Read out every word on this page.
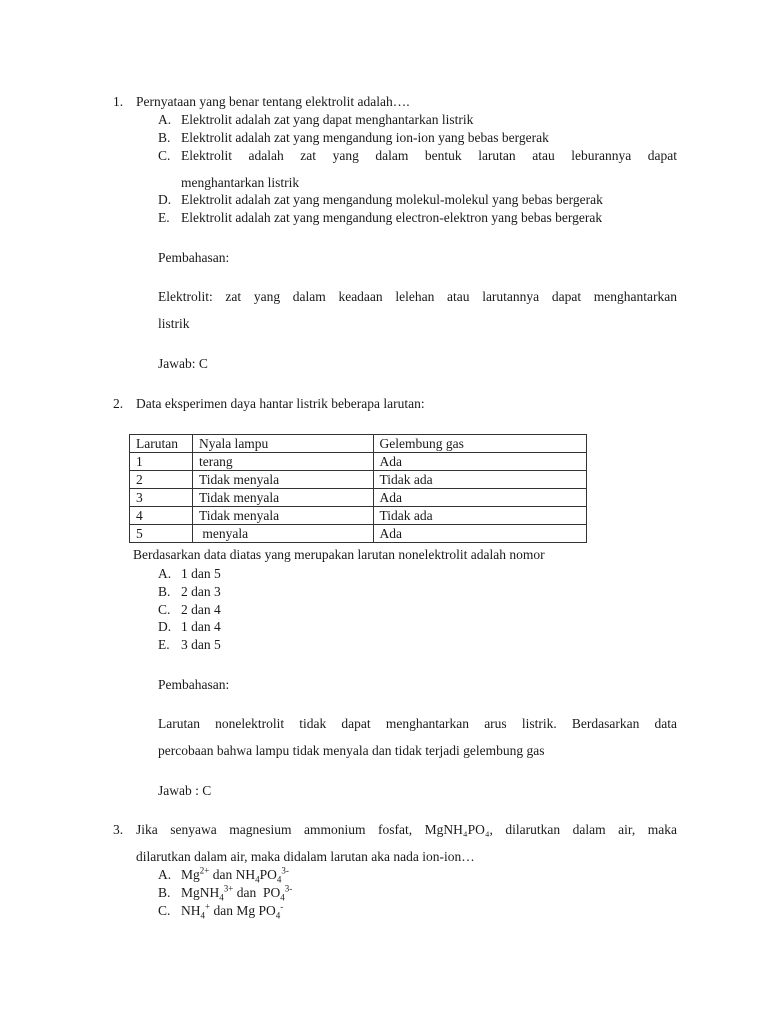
1. Pernyataan yang benar tentang elektrolit adalah….
A. Elektrolit adalah zat yang dapat menghantarkan listrik
B. Elektrolit adalah zat yang mengandung ion-ion yang bebas bergerak
C. Elektrolit adalah zat yang dalam bentuk larutan atau leburannya dapat
menghantarkan listrik
D. Elektrolit adalah zat yang mengandung molekul-molekul yang bebas bergerak
E. Elektrolit adalah zat yang mengandung electron-elektron yang bebas bergerak
Pembahasan:
Elektrolit: zat yang dalam keadaan lelehan atau larutannya dapat menghantarkan
listrik
Jawab: C
2. Data eksperimen daya hantar listrik beberapa larutan:
Larutan	Nyala lampu	Gelembung gas
1	terang	Ada
2	Tidak menyala	Tidak ada
3	Tidak menyala	Ada
4	Tidak menyala	Tidak ada
5	menyala	Ada
Berdasarkan data diatas yang merupakan larutan nonelektrolit adalah nomor
A. 1 dan 5
B. 2 dan 3
C. 2 dan 4
D. 1 dan 4
E. 3 dan 5
Pembahasan:
Larutan nonelektrolit tidak dapat menghantarkan arus listrik. Berdasarkan data
percobaan bahwa lampu tidak menyala dan tidak terjadi gelembung gas
Jawab : C
3. Jika senyawa magnesium ammonium fosfat, MgNH₄PO₄, dilarutkan dalam air, maka
dilarutkan dalam air, maka didalam larutan aka nada ion-ion…
A. $Mg^{2+}$ dan $NH_4PO_4^{3-}$
B. MgNH$_4^{3+}$ dan  $PO_4^{3-}$
C. $NH_4^+$ dan Mg $PO_4^-$
